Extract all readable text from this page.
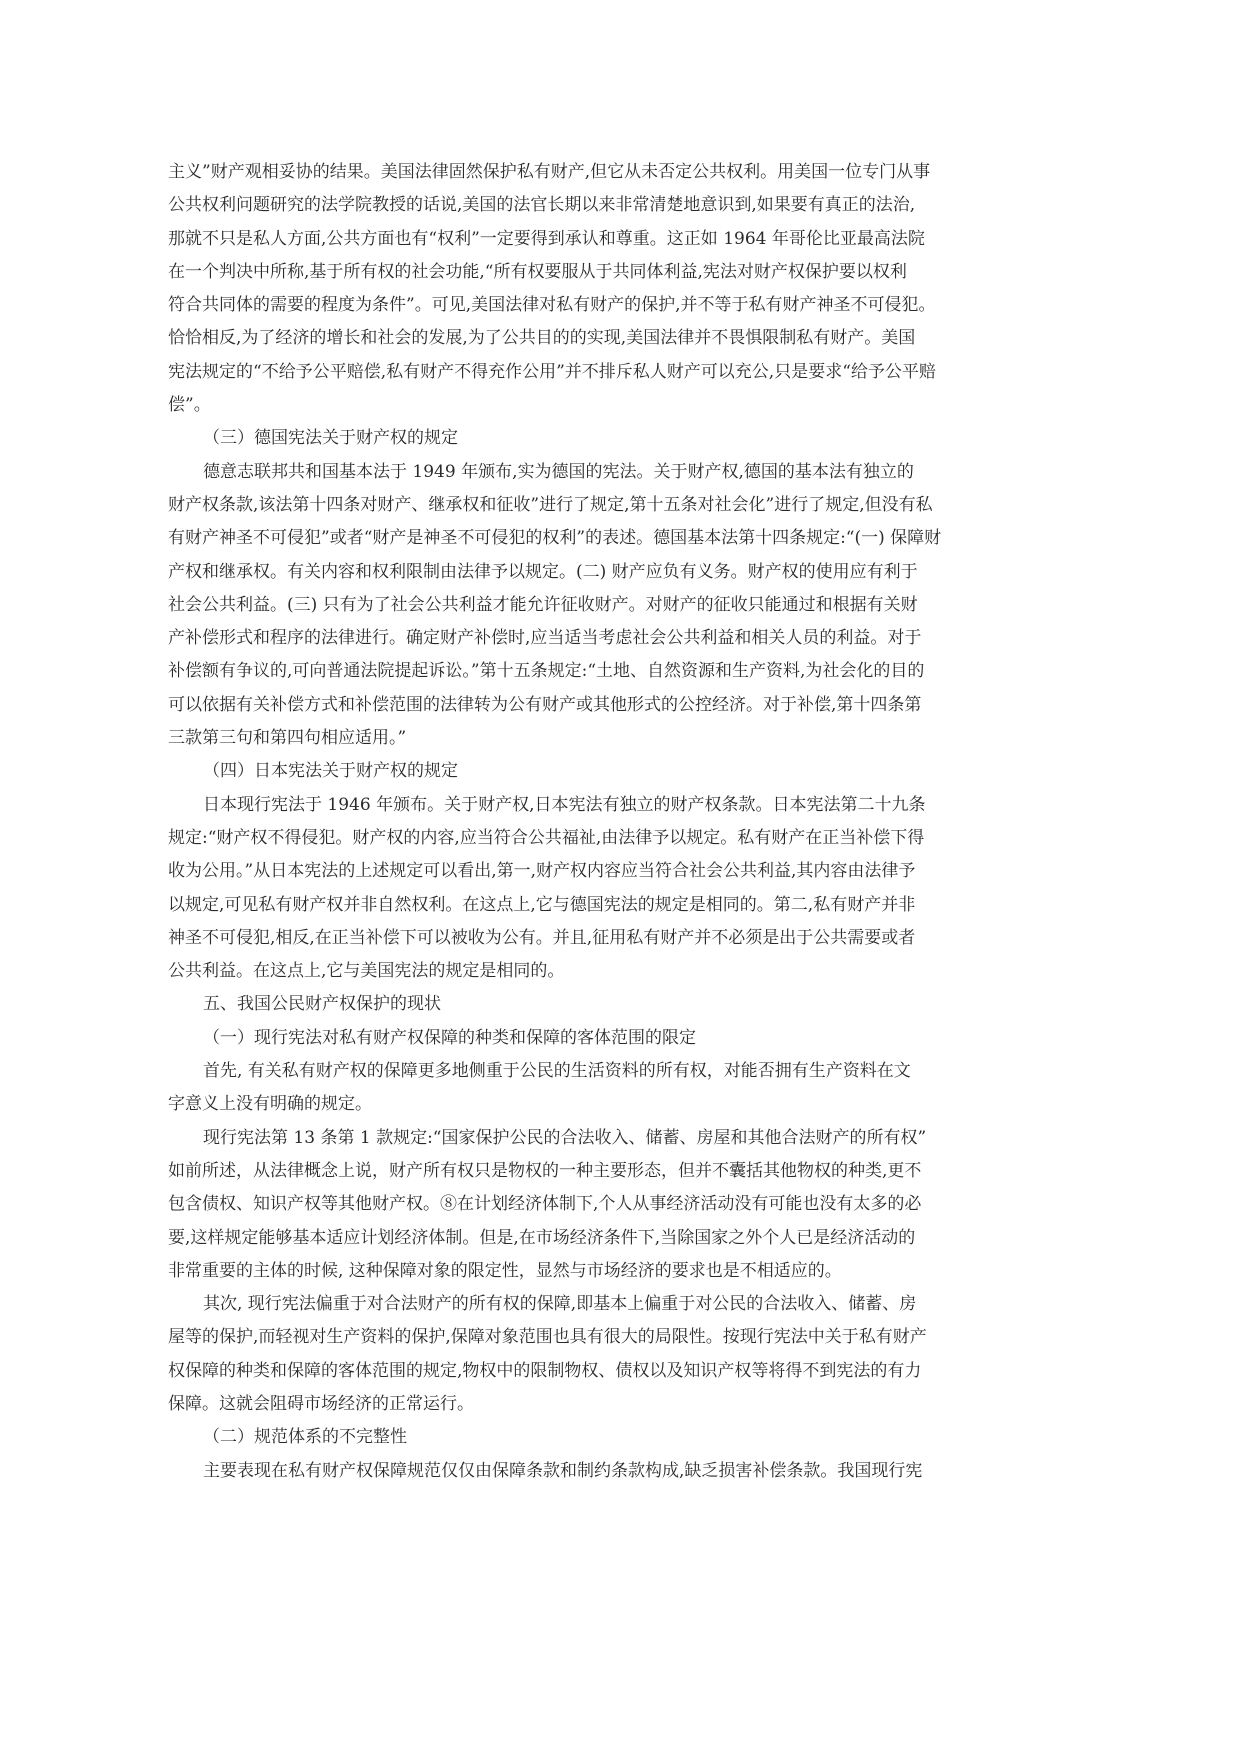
主义”财产观相妥协的结果。美国法律固然保护私有财产,但它从未否定公共权利。用美国一位专门从事
公共权利问题研究的法学院教授的话说,美国的法官长期以来非常清楚地意识到,如果要有真正的法治,
那就不只是私人方面,公共方面也有“权利”一定要得到承认和尊重。这正如 1964 年哥伦比亚最高法院
在一个判决中所称,基于所有权的社会功能,“所有权要服从于共同体利益,宪法对财产权保护要以权利
符合共同体的需要的程度为条件”。可见,美国法律对私有财产的保护,并不等于私有财产神圣不可侵犯。
恰恰相反,为了经济的增长和社会的发展,为了公共目的的实现,美国法律并不畏惧限制私有财产。美国
宪法规定的“不给予公平赔偿,私有财产不得充作公用”并不排斥私人财产可以充公,只是要求“给予公平赔
偿”。
（三）德国宪法关于财产权的规定
德意志联邦共和国基本法于 1949 年颁布,实为德国的宪法。关于财产权,德国的基本法有独立的
财产权条款,该法第十四条对财产、继承权和征收”进行了规定,第十五条对社会化”进行了规定,但没有私
有财产神圣不可侵犯”或者“财产是神圣不可侵犯的权利”的表述。德国基本法第十四条规定:“(一) 保障财
产权和继承权。有关内容和权利限制由法律予以规定。(二) 财产应负有义务。财产权的使用应有利于
社会公共利益。(三) 只有为了社会公共利益才能允许征收财产。对财产的征收只能通过和根据有关财
产补偿形式和程序的法律进行。确定财产补偿时,应当适当考虑社会公共利益和相关人员的利益。对于
补偿额有争议的,可向普通法院提起诉讼。”第十五条规定:“土地、自然资源和生产资料,为社会化的目的
可以依据有关补偿方式和补偿范围的法律转为公有财产或其他形式的公控经济。对于补偿,第十四条第
三款第三句和第四句相应适用。”
（四）日本宪法关于财产权的规定
日本现行宪法于 1946 年颁布。关于财产权,日本宪法有独立的财产权条款。日本宪法第二十九条
规定:“财产权不得侵犯。财产权的内容,应当符合公共福祉,由法律予以规定。私有财产在正当补偿下得
收为公用。”从日本宪法的上述规定可以看出,第一,财产权内容应当符合社会公共利益,其内容由法律予
以规定,可见私有财产权并非自然权利。在这点上,它与德国宪法的规定是相同的。第二,私有财产并非
神圣不可侵犯,相反,在正当补偿下可以被收为公有。并且,征用私有财产并不必须是出于公共需要或者
公共利益。在这点上,它与美国宪法的规定是相同的。
五、我国公民财产权保护的现状
（一）现行宪法对私有财产权保障的种类和保障的客体范围的限定
首先, 有关私有财产权的保障更多地侧重于公民的生活资料的所有权，对能否拥有生产资料在文
字意义上没有明确的规定。
现行宪法第 13 条第 1 款规定:“国家保护公民的合法收入、储蓄、房屋和其他合法财产的所有权”
如前所述，从法律概念上说，财产所有权只是物权的一种主要形态，但并不囊括其他物权的种类,更不
包含债权、知识产权等其他财产权。⑧在计划经济体制下,个人从事经济活动没有可能也没有太多的必
要,这样规定能够基本适应计划经济体制。但是,在市场经济条件下,当除国家之外个人已是经济活动的
非常重要的主体的时候, 这种保障对象的限定性，显然与市场经济的要求也是不相适应的。
其次, 现行宪法偏重于对合法财产的所有权的保障,即基本上偏重于对公民的合法收入、储蓄、房
屋等的保护,而轻视对生产资料的保护,保障对象范围也具有很大的局限性。按现行宪法中关于私有财产
权保障的种类和保障的客体范围的规定,物权中的限制物权、债权以及知识产权等将得不到宪法的有力
保障。这就会阻碍市场经济的正常运行。
（二）规范体系的不完整性
主要表现在私有财产权保障规范仅仅由保障条款和制约条款构成,缺乏损害补偿条款。我国现行宪
